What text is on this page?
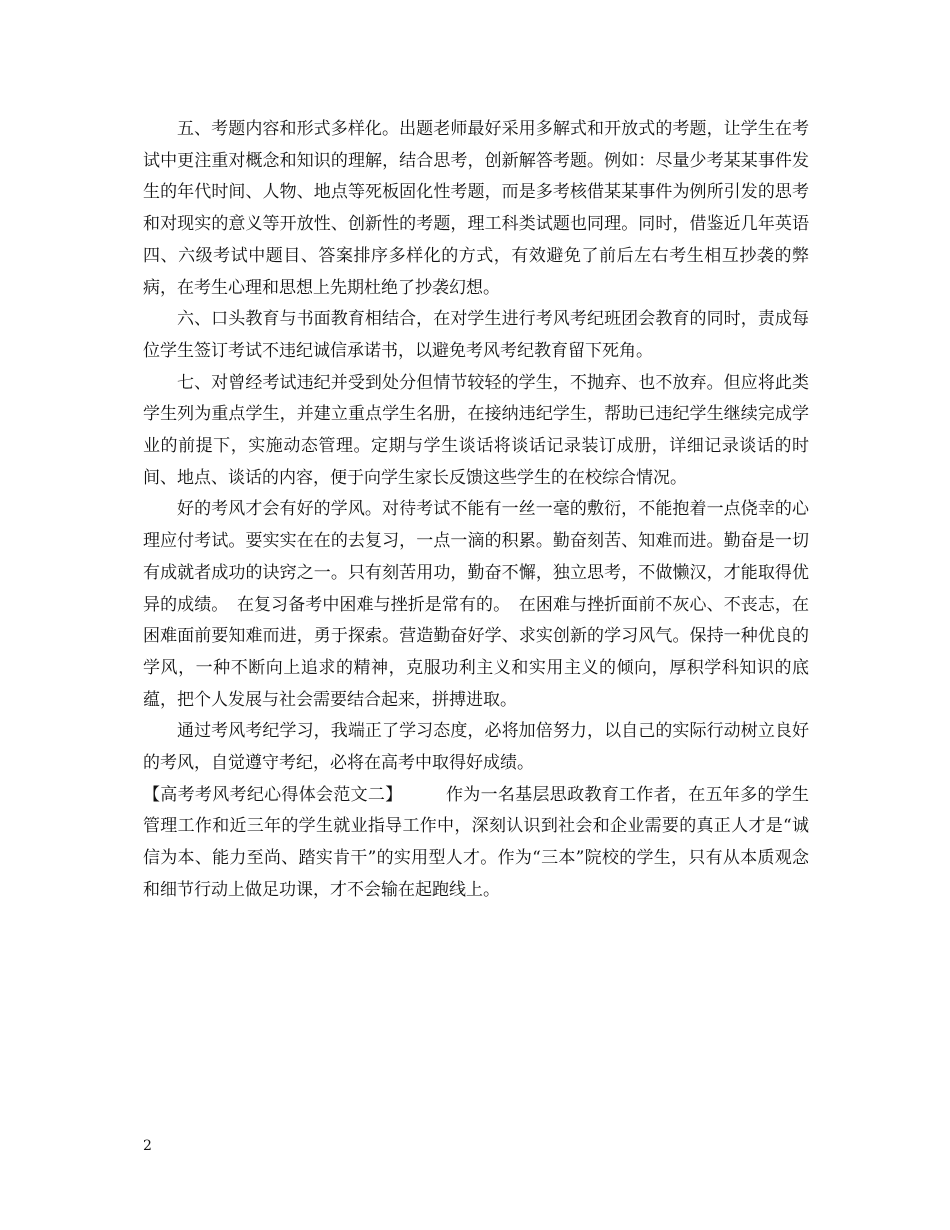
五、考题内容和形式多样化。出题老师最好采用多解式和开放式的考题，让学生在考试中更注重对概念和知识的理解，结合思考，创新解答考题。例如：尽量少考某某事件发生的年代时间、人物、地点等死板固化性考题，而是多考核借某某事件为例所引发的思考和对现实的意义等开放性、创新性的考题，理工科类试题也同理。同时，借鉴近几年英语四、六级考试中题目、答案排序多样化的方式，有效避免了前后左右考生相互抄袭的弊病，在考生心理和思想上先期杜绝了抄袭幻想。

六、口头教育与书面教育相结合，在对学生进行考风考纪班团会教育的同时，责成每位学生签订考试不违纪诚信承诺书，以避免考风考纪教育留下死角。

七、对曾经考试违纪并受到处分但情节较轻的学生，不抛弃、也不放弃。但应将此类学生列为重点学生，并建立重点学生名册，在接纳违纪学生，帮助已违纪学生继续完成学业的前提下，实施动态管理。定期与学生谈话将谈话记录装订成册，详细记录谈话的时间、地点、谈话的内容，便于向学生家长反馈这些学生的在校综合情况。

好的考风才会有好的学风。对待考试不能有一丝一毫的敷衍，不能抱着一点侥幸的心理应付考试。要实实在在的去复习，一点一滴的积累。勤奋刻苦、知难而进。勤奋是一切有成就者成功的诀窍之一。只有刻苦用功，勤奋不懈，独立思考，不做懒汉，才能取得优异的成绩。　在复习备考中困难与挫折是常有的。　在困难与挫折面前不灰心、不丧志，在困难面前要知难而进，勇于探索。营造勤奋好学、求实创新的学习风气。保持一种优良的学风，一种不断向上追求的精神，克服功利主义和实用主义的倾向，厚积学科知识的底蕴，把个人发展与社会需要结合起来，拼搏进取。

通过考风考纪学习，我端正了学习态度，必将加倍努力，以自己的实际行动树立良好的考风，自觉遵守考纪，必将在高考中取得好成绩。

【高考考风考纪心得体会范文二】　　　	作为一名基层思政教育工作者，在五年多的学生管理工作和近三年的学生就业指导工作中，深刻认识到社会和企业需要的真正人才是“诚信为本、能力至尚、踏实肯干”的实用型人才。作为“三本”院校的学生，只有从本质观念和细节行动上做足功课，才不会输在起跑线上。

2
